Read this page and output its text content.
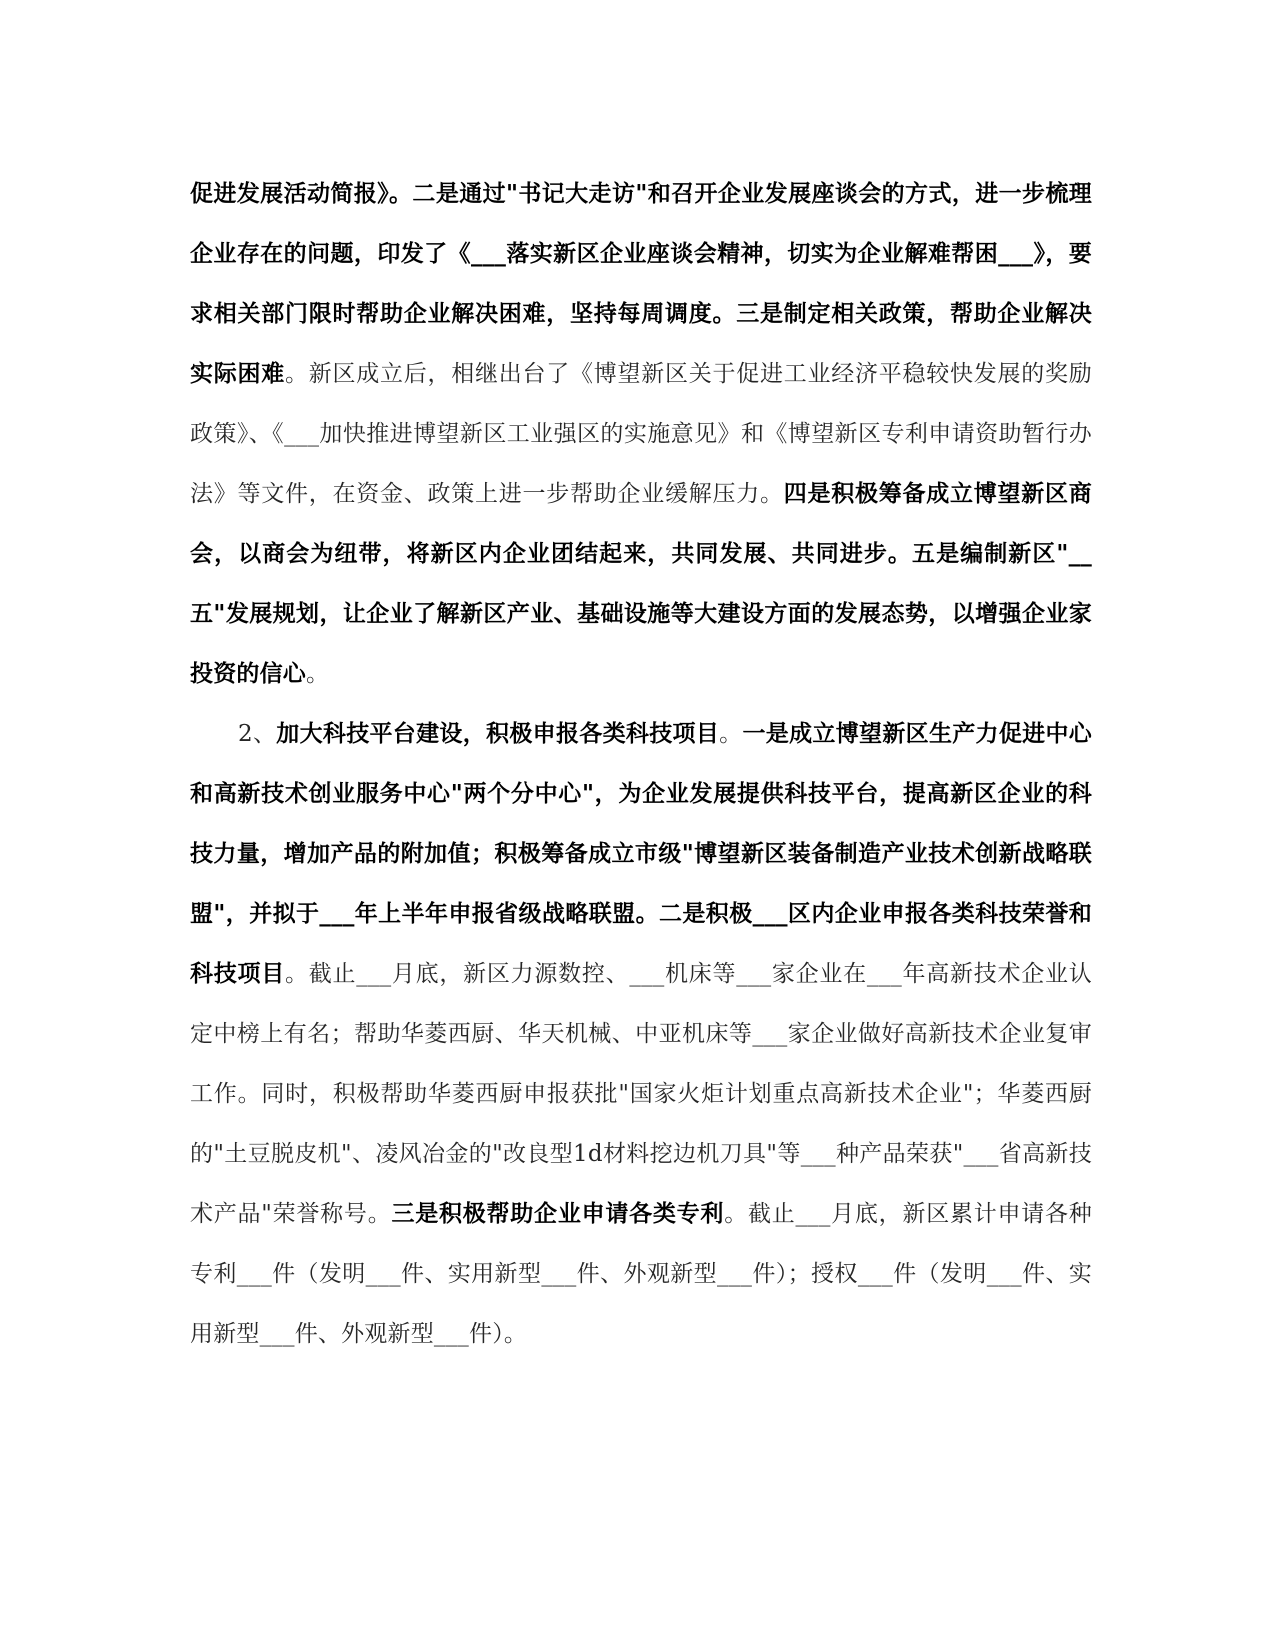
促进发展活动简报》。二是通过"书记大走访"和召开企业发展座谈会的方式，进一步梳理企业存在的问题，印发了《___落实新区企业座谈会精神，切实为企业解难帮困___》，要求相关部门限时帮助企业解决困难，坚持每周调度。三是制定相关政策，帮助企业解决实际困难。新区成立后，相继出台了《博望新区关于促进工业经济平稳较快发展的奖励政策》、《___加快推进博望新区工业强区的实施意见》和《博望新区专利申请资助暂行办法》等文件，在资金、政策上进一步帮助企业缓解压力。四是积极筹备成立博望新区商会，以商会为纽带，将新区内企业团结起来，共同发展、共同进步。五是编制新区"__五"发展规划，让企业了解新区产业、基础设施等大建设方面的发展态势，以增强企业家投资的信心。

2、加大科技平台建设，积极申报各类科技项目。一是成立博望新区生产力促进中心和高新技术创业服务中心"两个分中心"，为企业发展提供科技平台，提高新区企业的科技力量，增加产品的附加值；积极筹备成立市级"博望新区装备制造产业技术创新战略联盟"，并拟于___年上半年申报省级战略联盟。二是积极___区内企业申报各类科技荣誉和科技项目。截止___月底，新区力源数控、___机床等___家企业在___年高新技术企业认定中榜上有名；帮助华菱西厨、华天机械、中亚机床等___家企业做好高新技术企业复审工作。同时，积极帮助华菱西厨申报获批"国家火炬计划重点高新技术企业"；华菱西厨的"土豆脱皮机"、凌风冶金的"改良型1d材料挖边机刀具"等___种产品荣获"___省高新技术产品"荣誉称号。三是积极帮助企业申请各类专利。截止___月底，新区累计申请各种专利___件（发明___件、实用新型___件、外观新型___件）；授权___件（发明___件、实用新型___件、外观新型___件）。
